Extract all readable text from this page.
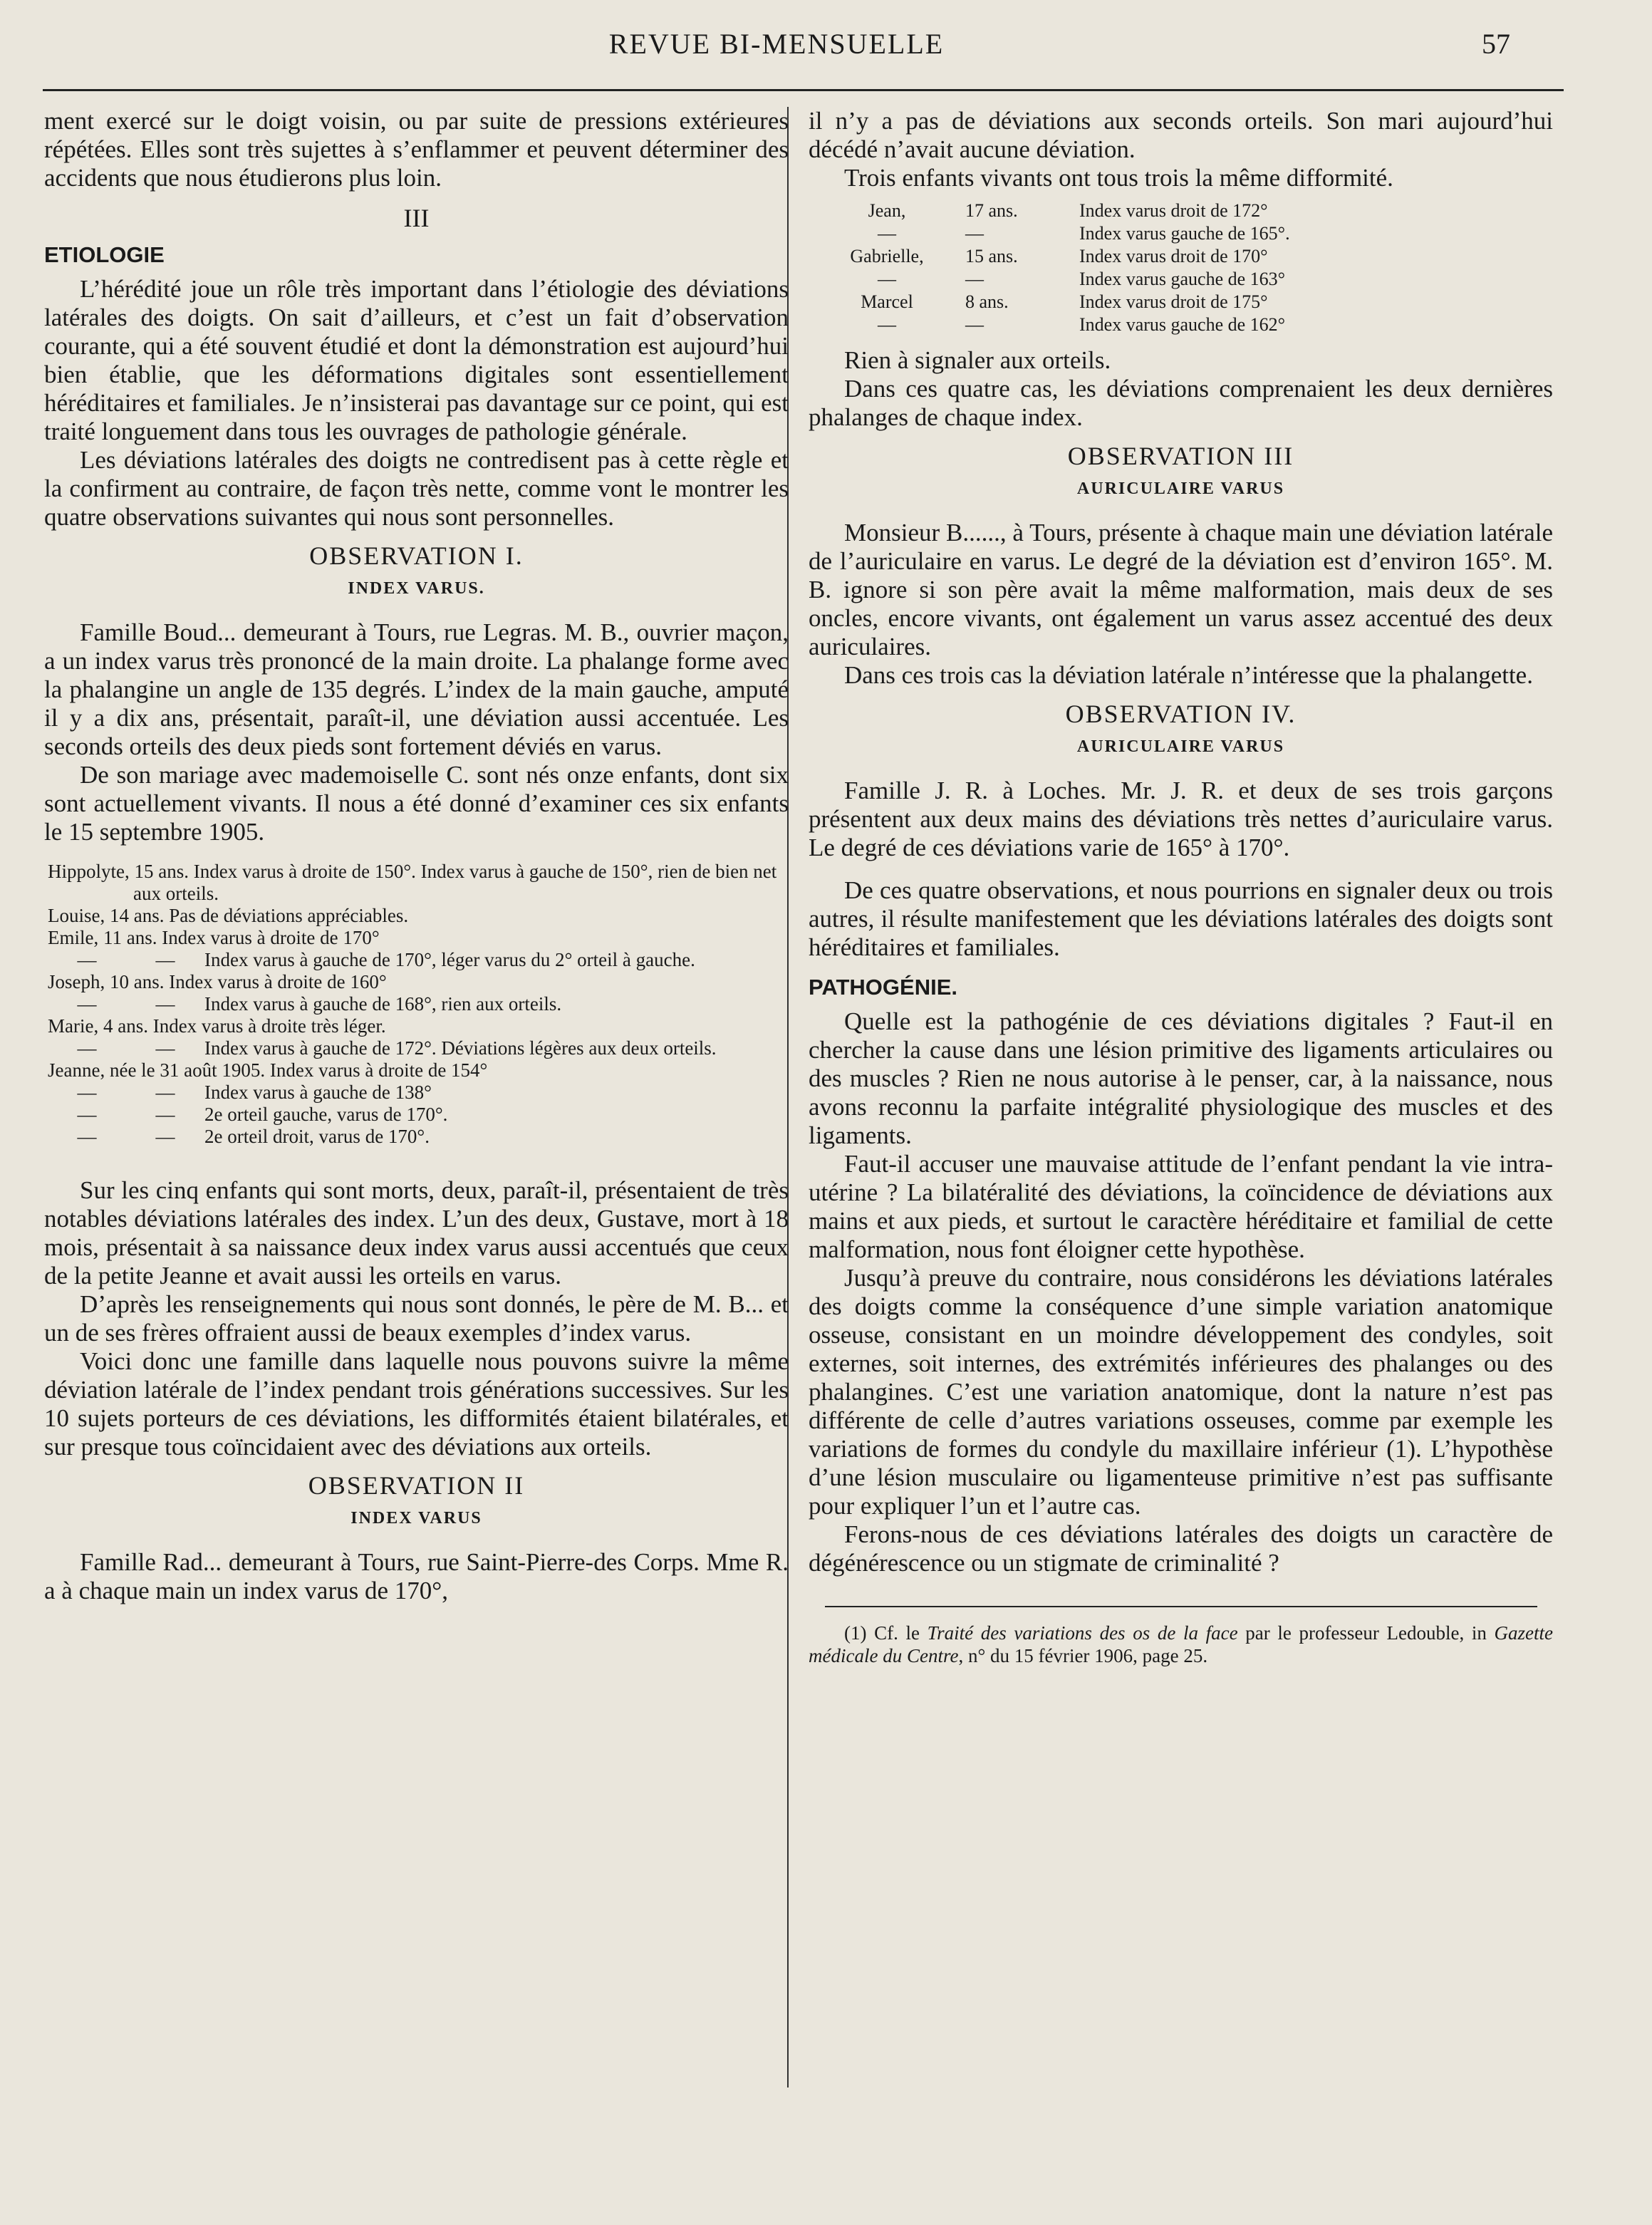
REVUE BI-MENSUELLE	57

ment exercé sur le doigt voisin, ou par suite de pressions extérieures répétées. Elles sont très sujettes à s’enflammer et peuvent déterminer des accidents que nous étudierons plus loin.

III
ETIOLOGIE

L’hérédité joue un rôle très important dans l’étiologie des déviations latérales des doigts. On sait d’ailleurs, et c’est un fait d’observation courante, qui a été souvent étudié et dont la démonstration est aujourd’hui bien établie, que les déformations digitales sont essentiellement héréditaires et familiales. Je n’insisterai pas davantage sur ce point, qui est traité longuement dans tous les ouvrages de pathologie générale.

Les déviations latérales des doigts ne contredisent pas à cette règle et la confirment au contraire, de façon très nette, comme vont le montrer les quatre observations suivantes qui nous sont personnelles.

OBSERVATION I.
INDEX VARUS.

Famille Boud... demeurant à Tours, rue Legras. M. B., ouvrier maçon, a un index varus très prononcé de la main droite. La phalange forme avec la phalangine un angle de 135 degrés. L’index de la main gauche, amputé il y a dix ans, présentait, paraît-il, une déviation aussi accentuée. Les seconds orteils des deux pieds sont fortement déviés en varus.

De son mariage avec mademoiselle C. sont nés onze enfants, dont six sont actuellement vivants. Il nous a été donné d’examiner ces six enfants le 15 septembre 1905.

Hippolyte, 15 ans. Index varus à droite de 150°. Index varus à gauche de 150°, rien de bien net aux orteils.
Louise, 14 ans. Pas de déviations appréciables.
Emile, 11 ans. Index varus à droite de 170°
—	— Index varus à gauche de 170°, léger varus du 2° orteil à gauche.
Joseph, 10 ans. Index varus à droite de 160°
—	— Index varus à gauche de 168°, rien aux orteils.
Marie, 4 ans. Index varus à droite très léger.
—	— Index varus à gauche de 172°. Déviations légères aux deux orteils.
Jeanne, née le 31 août 1905. Index varus à droite de 154°
—	— Index varus à gauche de 138°
—	— 2e orteil gauche, varus de 170°.
—	— 2e orteil droit, varus de 170°.

Sur les cinq enfants qui sont morts, deux, paraît-il, présentaient de très notables déviations latérales des index. L’un des deux, Gustave, mort à 18 mois, présentait à sa naissance deux index varus aussi accentués que ceux de la petite Jeanne et avait aussi les orteils en varus.

D’après les renseignements qui nous sont donnés, le père de M. B... et un de ses frères offraient aussi de beaux exemples d’index varus.

Voici donc une famille dans laquelle nous pouvons suivre la même déviation latérale de l’index pendant trois générations successives. Sur les 10 sujets porteurs de ces déviations, les difformités étaient bilatérales, et sur presque tous coïncidaient avec des déviations aux orteils.

OBSERVATION II
INDEX VARUS

Famille Rad... demeurant à Tours, rue Saint-Pierre-des Corps. Mme R. a à chaque main un index varus de 170°,

il n’y a pas de déviations aux seconds orteils. Son mari aujourd’hui décédé n’avait aucune déviation.

Trois enfants vivants ont tous trois la même difformité.

Jean,	17 ans.	Index varus droit de 172°
—	—	Index varus gauche de 165°.
Gabrielle,	15 ans.	Index varus droit de 170°
—	—	Index varus gauche de 163°
Marcel	8 ans.	Index varus droit de 175°
—	—	Index varus gauche de 162°

Rien à signaler aux orteils.

Dans ces quatre cas, les déviations comprenaient les deux dernières phalanges de chaque index.

OBSERVATION III
AURICULAIRE VARUS

Monsieur B......, à Tours, présente à chaque main une déviation latérale de l’auriculaire en varus. Le degré de la déviation est d’environ 165°. M. B. ignore si son père avait la même malformation, mais deux de ses oncles, encore vivants, ont également un varus assez accentué des deux auriculaires.

Dans ces trois cas la déviation latérale n’intéresse que la phalangette.

OBSERVATION IV.
AURICULAIRE VARUS

Famille J. R. à Loches. Mr. J. R. et deux de ses trois garçons présentent aux deux mains des déviations très nettes d’auriculaire varus. Le degré de ces déviations varie de 165° à 170°.

De ces quatre observations, et nous pourrions en signaler deux ou trois autres, il résulte manifestement que les déviations latérales des doigts sont héréditaires et familiales.

PATHOGÉNIE.

Quelle est la pathogénie de ces déviations digitales ? Faut-il en chercher la cause dans une lésion primitive des ligaments articulaires ou des muscles ? Rien ne nous autorise à le penser, car, à la naissance, nous avons reconnu la parfaite intégralité physiologique des muscles et des ligaments.

Faut-il accuser une mauvaise attitude de l’enfant pendant la vie intra-utérine ? La bilatéralité des déviations, la coïncidence de déviations aux mains et aux pieds, et surtout le caractère héréditaire et familial de cette malformation, nous font éloigner cette hypothèse.

Jusqu’à preuve du contraire, nous considérons les déviations latérales des doigts comme la conséquence d’une simple variation anatomique osseuse, consistant en un moindre développement des condyles, soit externes, soit internes, des extrémités inférieures des phalanges ou des phalangines. C’est une variation anatomique, dont la nature n’est pas différente de celle d’autres variations osseuses, comme par exemple les variations de formes du condyle du maxillaire inférieur (1). L’hypothèse d’une lésion musculaire ou ligamenteuse primitive n’est pas suffisante pour expliquer l’un et l’autre cas.

Ferons-nous de ces déviations latérales des doigts un caractère de dégénérescence ou un stigmate de criminalité ?

(1) Cf. le Traité des variations des os de la face par le professeur Ledouble, in Gazette médicale du Centre, n° du 15 février 1906, page 25.
